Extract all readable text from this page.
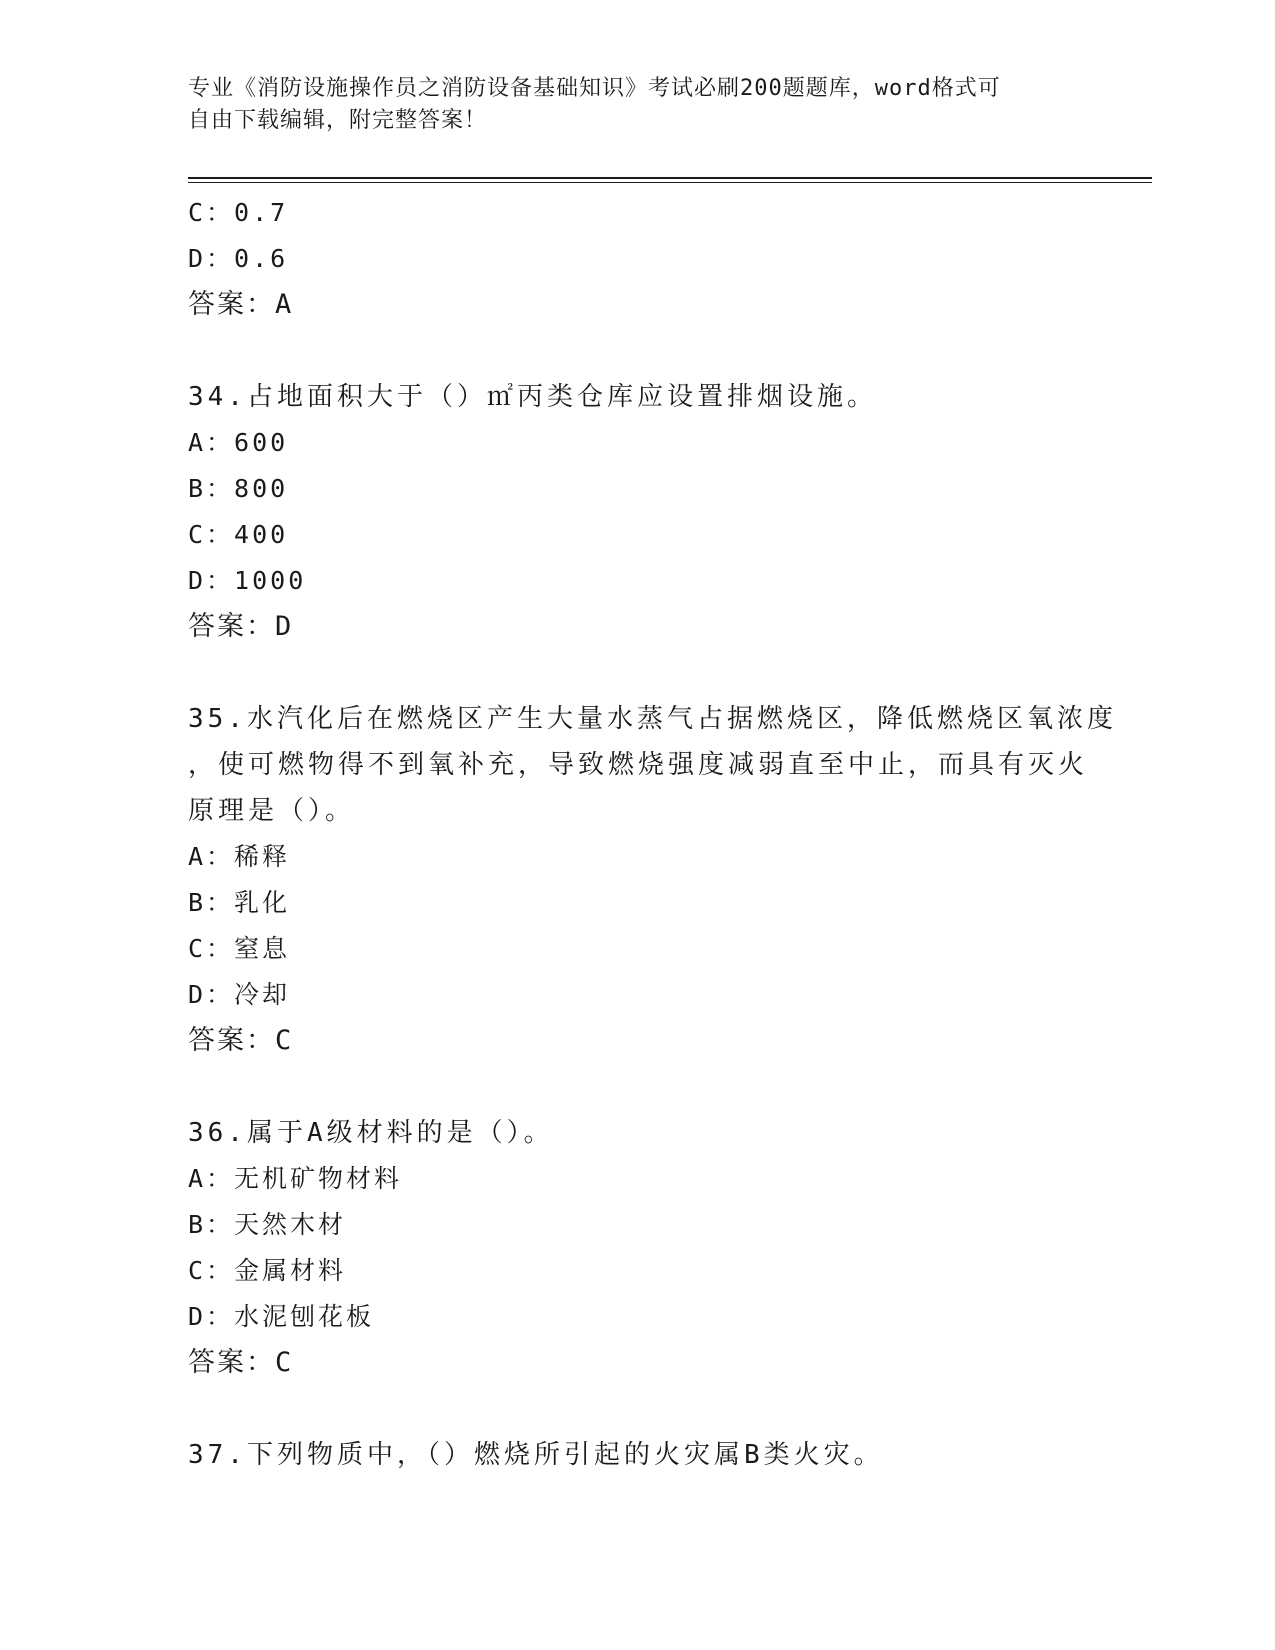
专业《消防设施操作员之消防设备基础知识》考试必刷200题题库，word格式可
自由下载编辑，附完整答案！
C：0.7
D：0.6
答案：A
34.占地面积大于（）㎡丙类仓库应设置排烟设施。
A：600
B：800
C：400
D：1000
答案：D
35.水汽化后在燃烧区产生大量水蒸气占据燃烧区，降低燃烧区氧浓度
，使可燃物得不到氧补充，导致燃烧强度减弱直至中止，而具有灭火
原理是（）。
A：稀释
B：乳化
C：窒息
D：冷却
答案：C
36.属于A级材料的是（）。
A：无机矿物材料
B：天然木材
C：金属材料
D：水泥刨花板
答案：C
37.下列物质中，（）燃烧所引起的火灾属B类火灾。
